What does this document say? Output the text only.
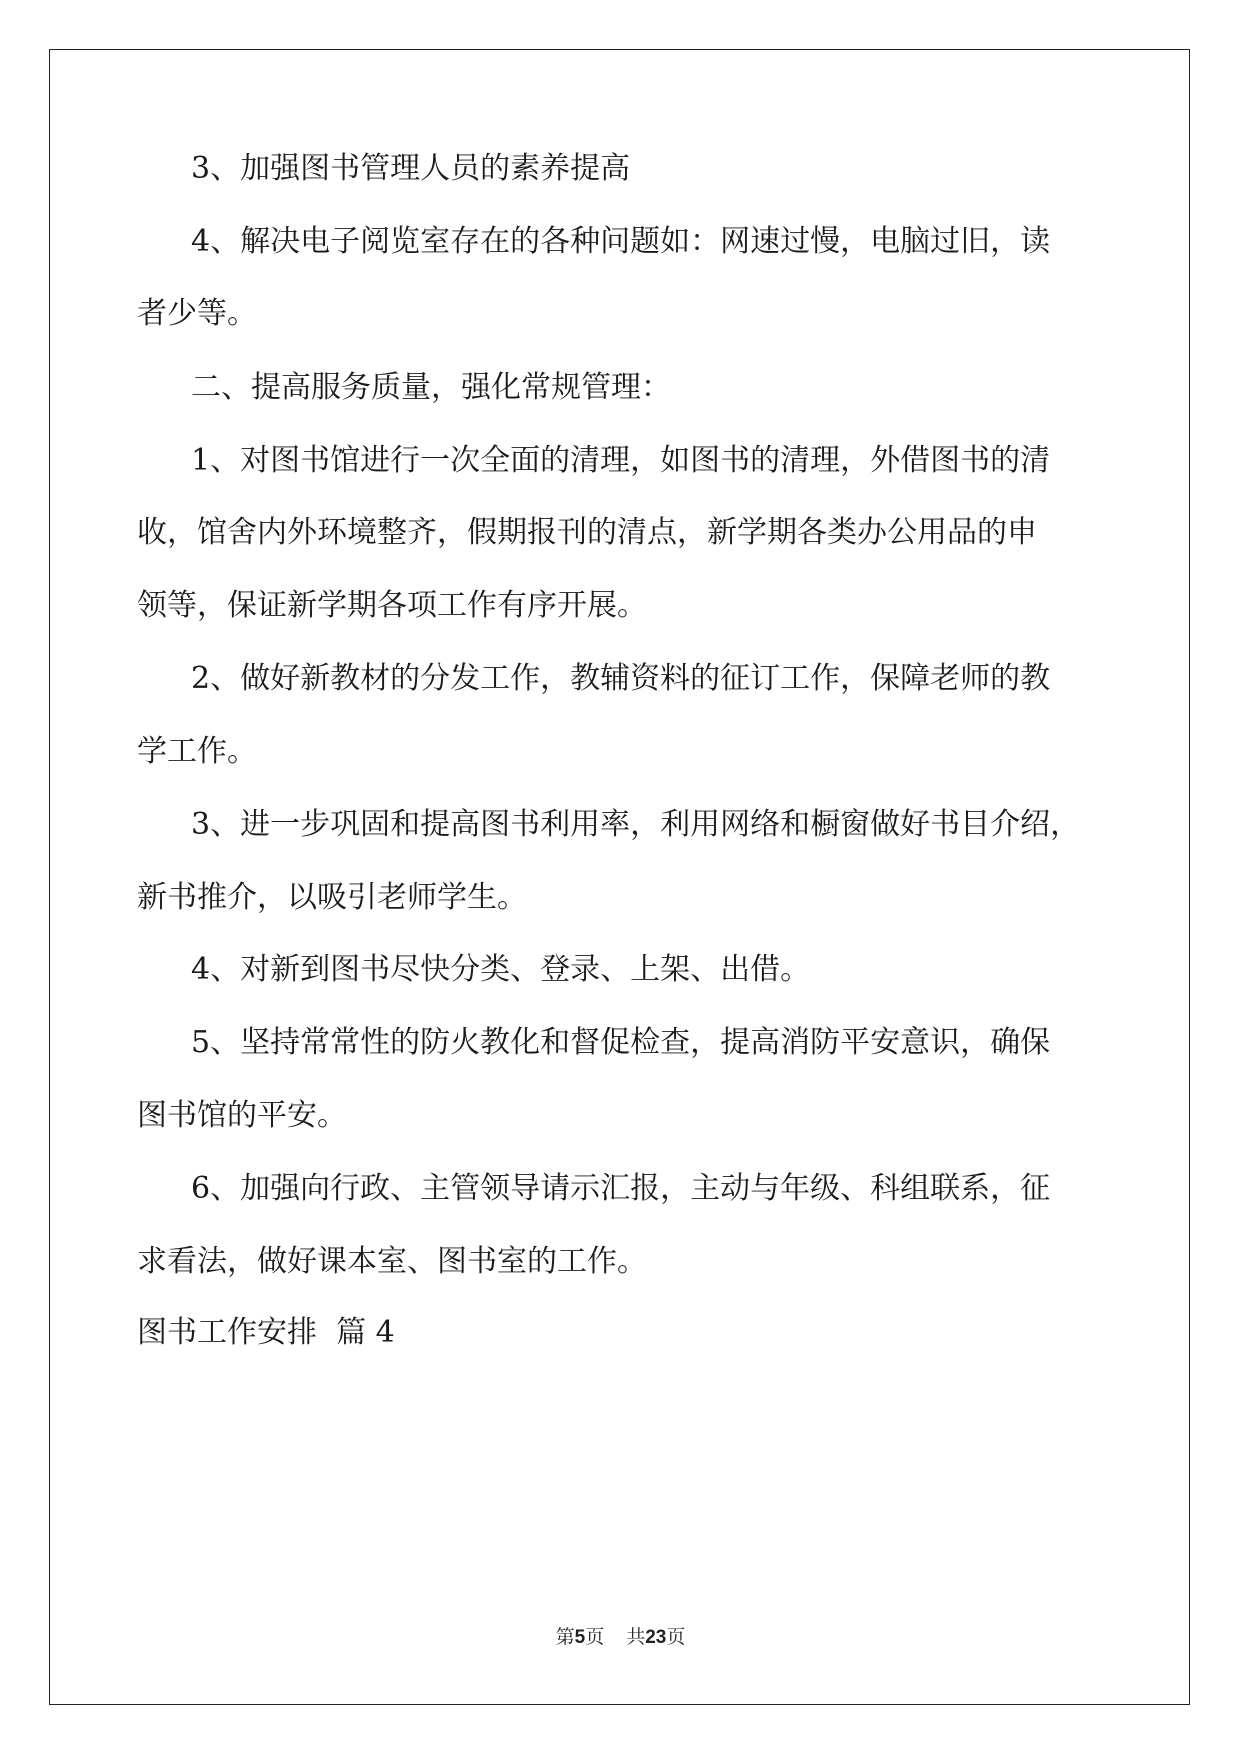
3、加强图书管理人员的素养提高
4、解决电子阅览室存在的各种问题如：网速过慢，电脑过旧，读
者少等。
二、提高服务质量，强化常规管理：
1、对图书馆进行一次全面的清理，如图书的清理，外借图书的清
收，馆舍内外环境整齐，假期报刊的清点，新学期各类办公用品的申
领等，保证新学期各项工作有序开展。
2、做好新教材的分发工作，教辅资料的征订工作，保障老师的教
学工作。
3、进一步巩固和提高图书利用率，利用网络和橱窗做好书目介绍，
新书推介，以吸引老师学生。
4、对新到图书尽快分类、登录、上架、出借。
5、坚持常常性的防火教化和督促检查，提高消防平安意识，确保
图书馆的平安。
6、加强向行政、主管领导请示汇报，主动与年级、科组联系，征
求看法，做好课本室、图书室的工作。
图书工作安排  篇 4
第5页 共23页
